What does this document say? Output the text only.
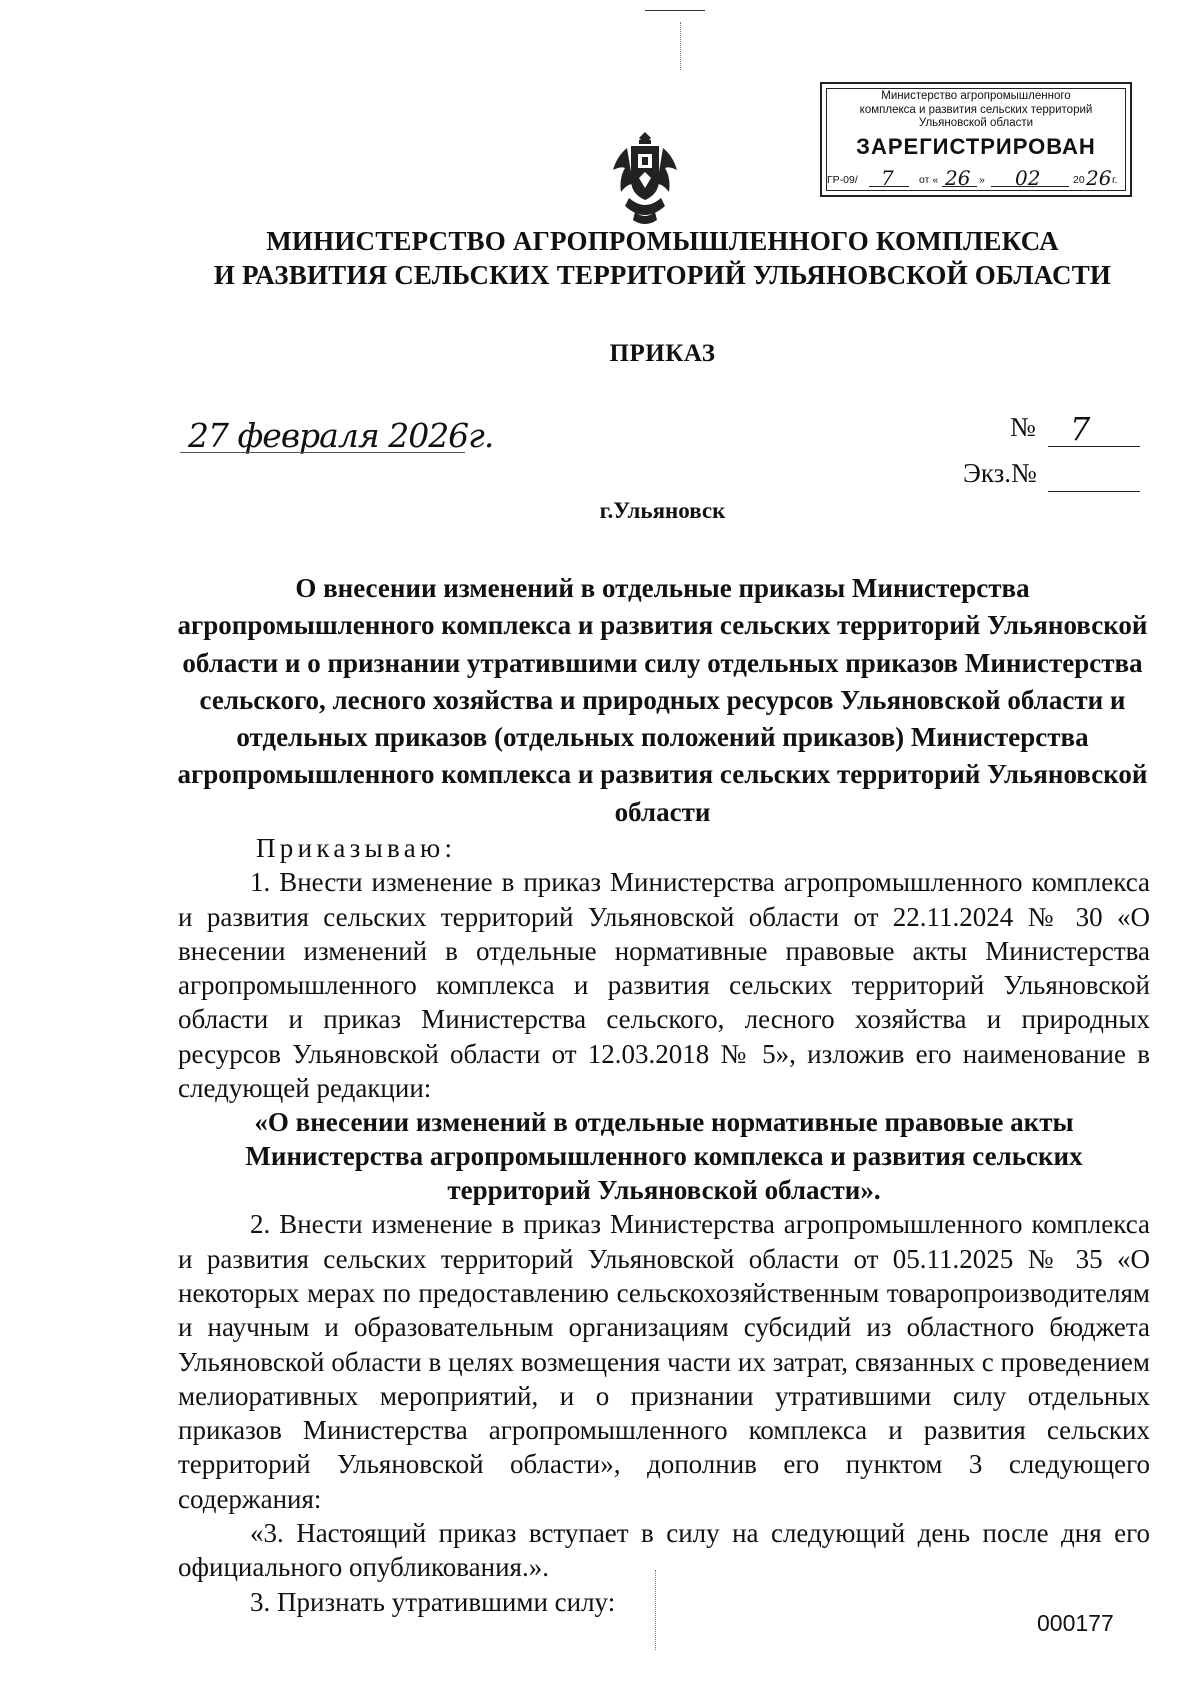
Министерство агропромышленного
комплекса и развития сельских территорий
Ульяновской области
ЗАРЕГИСТРИРОВАН
ГР-09/ 7 от « 26 » 02	20 26 г.
МИНИСТЕРСТВО АГРОПРОМЫШЛЕННОГО КОМПЛЕКСА
И РАЗВИТИЯ СЕЛЬСКИХ ТЕРРИТОРИЙ УЛЬЯНОВСКОЙ ОБЛАСТИ
ПРИКАЗ
27 февраля 2026г.	№ 7
Экз.№
г.Ульяновск
О внесении изменений в отдельные приказы Министерства агропромышленного комплекса и развития сельских территорий Ульяновской области и о признании утратившими силу отдельных приказов Министерства сельского, лесного хозяйства и природных ресурсов Ульяновской области и отдельных приказов (отдельных положений приказов) Министерства агропромышленного комплекса и развития сельских территорий Ульяновской области

Приказываю:

1. Внести изменение в приказ Министерства агропромышленного комплекса и развития сельских территорий Ульяновской области от 22.11.2024 № 30 «О внесении изменений в отдельные нормативные правовые акты Министерства агропромышленного комплекса и развития сельских территорий Ульяновской области и приказ Министерства сельского, лесного хозяйства и природных ресурсов Ульяновской области от 12.03.2018 № 5», изложив его наименование в следующей редакции:

«О внесении изменений в отдельные нормативные правовые акты Министерства агропромышленного комплекса и развития сельских территорий Ульяновской области».

2. Внести изменение в приказ Министерства агропромышленного комплекса и развития сельских территорий Ульяновской области от 05.11.2025 № 35 «О некоторых мерах по предоставлению сельскохозяйственным товаропроизводителям и научным и образовательным организациям субсидий из областного бюджета Ульяновской области в целях возмещения части их затрат, связанных с проведением мелиоративных мероприятий, и о признании утратившими силу отдельных приказов Министерства агропромышленного комплекса и развития сельских территорий Ульяновской области», дополнив его пунктом 3 следующего содержания:

«3. Настоящий приказ вступает в силу на следующий день после дня его официального опубликования.».

3. Признать утратившими силу:

000177
